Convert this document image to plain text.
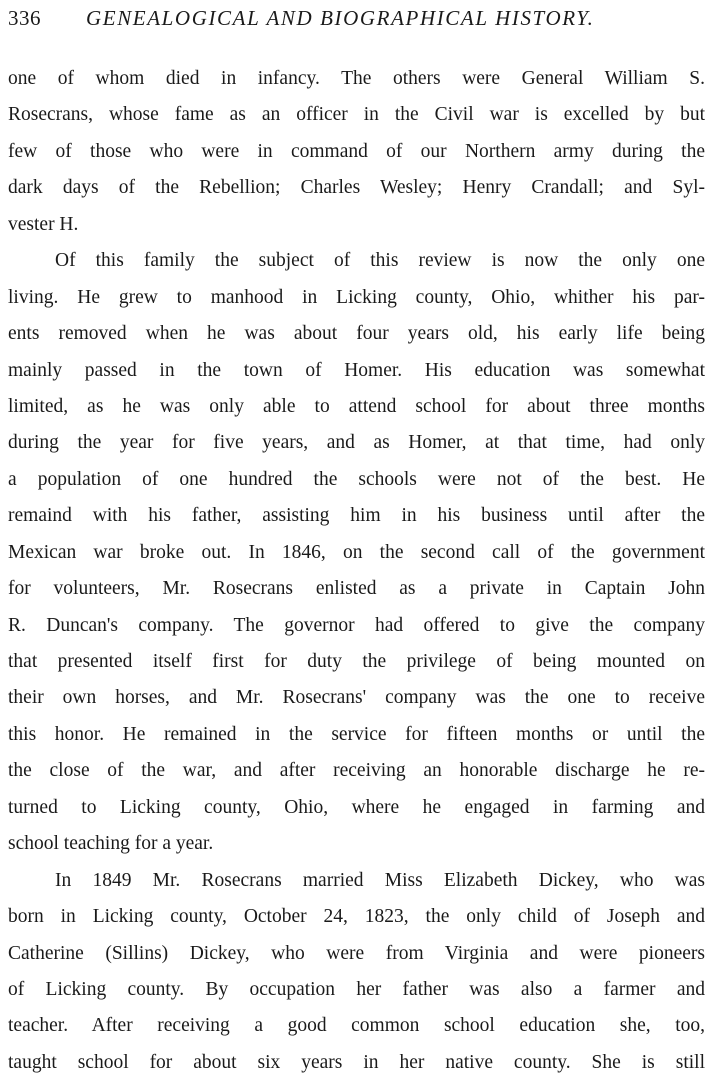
336 GENEALOGICAL AND BIOGRAPHICAL HISTORY.
one of whom died in infancy. The others were General William S.
Rosecrans, whose fame as an officer in the Civil war is excelled by but
few of those who were in command of our Northern army during the
dark days of the Rebellion; Charles Wesley; Henry Crandall; and Syl-
vester H.
Of this family the subject of this review is now the only one
living. He grew to manhood in Licking county, Ohio, whither his par-
ents removed when he was about four years old, his early life being
mainly passed in the town of Homer. His education was somewhat
limited, as he was only able to attend school for about three months
during the year for five years, and as Homer, at that time, had only
a population of one hundred the schools were not of the best. He
remaind with his father, assisting him in his business until after the
Mexican war broke out. In 1846, on the second call of the government
for volunteers, Mr. Rosecrans enlisted as a private in Captain John
R. Duncan's company. The governor had offered to give the company
that presented itself first for duty the privilege of being mounted on
their own horses, and Mr. Rosecrans' company was the one to receive
this honor. He remained in the service for fifteen months or until the
the close of the war, and after receiving an honorable discharge he re-
turned to Licking county, Ohio, where he engaged in farming and
school teaching for a year.
In 1849 Mr. Rosecrans married Miss Elizabeth Dickey, who was
born in Licking county, October 24, 1823, the only child of Joseph and
Catherine (Sillins) Dickey, who were from Virginia and were pioneers
of Licking county. By occupation her father was also a farmer and
teacher. After receiving a good common school education she, too,
taught school for about six years in her native county. She is still
